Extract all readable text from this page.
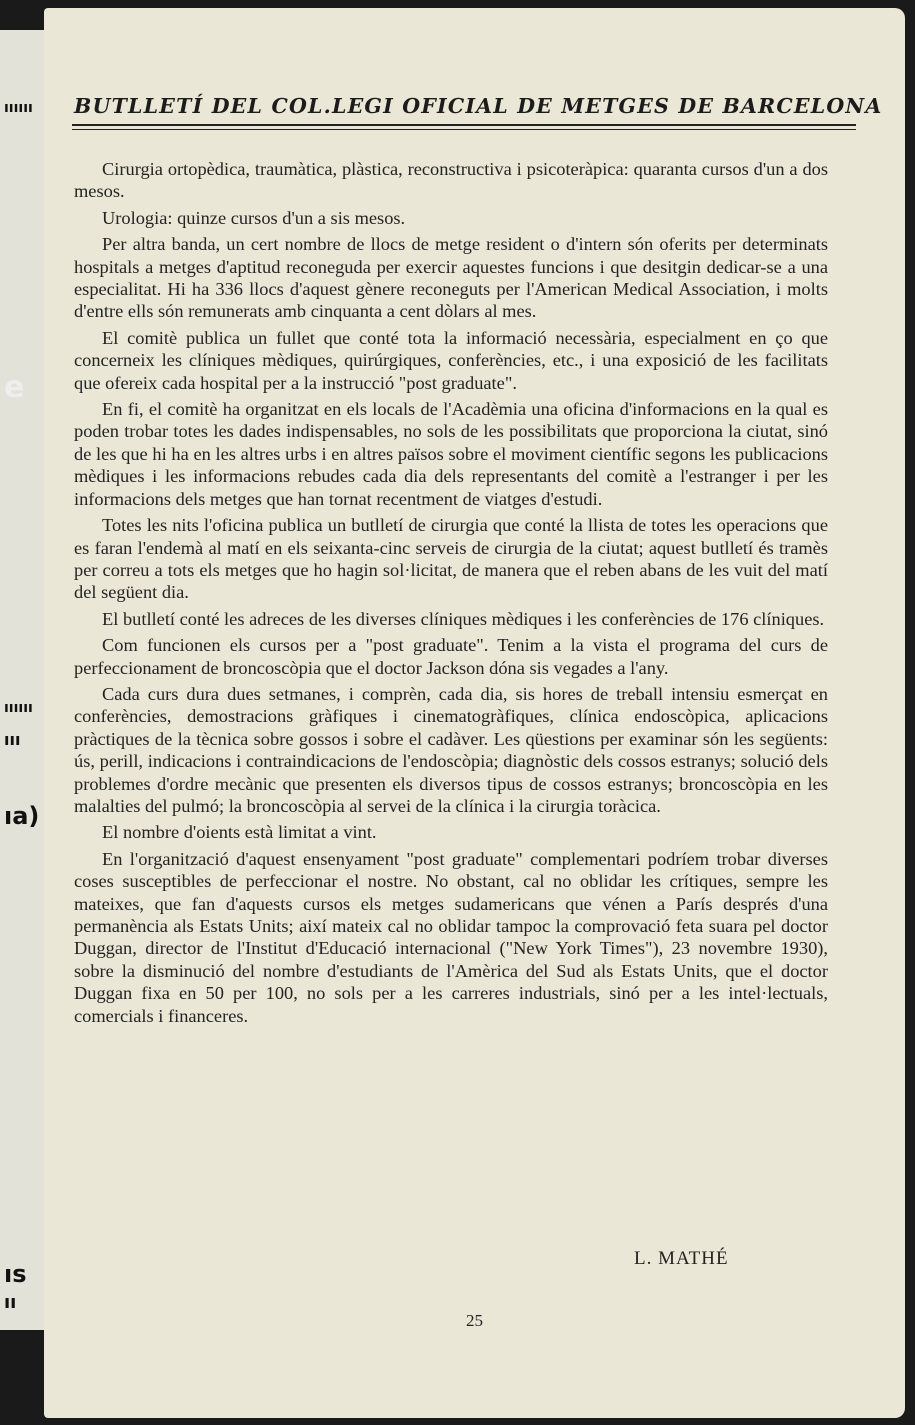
ıııııı
e
ıııııı
ııı
ıa)
ıs
ıı
BUTLLETÍ DEL COL.LEGI OFICIAL DE METGES DE BARCELONA

Cirurgia ortopèdica, traumàtica, plàstica, reconstructiva i psicoteràpica: quaranta cursos d'un a dos mesos.

Urologia: quinze cursos d'un a sis mesos.

Per altra banda, un cert nombre de llocs de metge resident o d'intern són oferits per determinats hospitals a metges d'aptitud reconeguda per exercir aquestes funcions i que desitgin dedicar-se a una especialitat. Hi ha 336 llocs d'aquest gènere reconeguts per l'American Medical Association, i molts d'entre ells són remunerats amb cinquanta a cent dòlars al mes.

El comitè publica un fullet que conté tota la informació necessària, especialment en ço que concerneix les clíniques mèdiques, quirúrgiques, conferències, etc., i una exposició de les facilitats que ofereix cada hospital per a la instrucció "post graduate".

En fi, el comitè ha organitzat en els locals de l'Acadèmia una oficina d'informacions en la qual es poden trobar totes les dades indispensables, no sols de les possibilitats que proporciona la ciutat, sinó de les que hi ha en les altres urbs i en altres països sobre el moviment científic segons les publicacions mèdiques i les informacions rebudes cada dia dels representants del comitè a l'estranger i per les informacions dels metges que han tornat recentment de viatges d'estudi.

Totes les nits l'oficina publica un butlletí de cirurgia que conté la llista de totes les operacions que es faran l'endemà al matí en els seixanta-cinc serveis de cirurgia de la ciutat; aquest butlletí és tramès per correu a tots els metges que ho hagin sol·licitat, de manera que el reben abans de les vuit del matí del següent dia.

El butlletí conté les adreces de les diverses clíniques mèdiques i les conferències de 176 clíniques.

Com funcionen els cursos per a "post graduate". Tenim a la vista el programa del curs de perfeccionament de broncoscòpia que el doctor Jackson dóna sis vegades a l'any.

Cada curs dura dues setmanes, i comprèn, cada dia, sis hores de treball intensiu esmerçat en conferències, demostracions gràfiques i cinematogràfiques, clínica endoscòpica, aplicacions pràctiques de la tècnica sobre gossos i sobre el cadàver. Les qüestions per examinar són les següents: ús, perill, indicacions i contraindicacions de l'endoscòpia; diagnòstic dels cossos estranys; solució dels problemes d'ordre mecànic que presenten els diversos tipus de cossos estranys; broncoscòpia en les malalties del pulmó; la broncoscòpia al servei de la clínica i la cirurgia toràcica.

El nombre d'oients està limitat a vint.

En l'organització d'aquest ensenyament "post graduate" complementari podríem trobar diverses coses susceptibles de perfeccionar el nostre. No obstant, cal no oblidar les crítiques, sempre les mateixes, que fan d'aquests cursos els metges sudamericans que vénen a París després d'una permanència als Estats Units; així mateix cal no oblidar tampoc la comprovació feta suara pel doctor Duggan, director de l'Institut d'Educació internacional ("New York Times"), 23 novembre 1930), sobre la disminució del nombre d'estudiants de l'Amèrica del Sud als Estats Units, que el doctor Duggan fixa en 50 per 100, no sols per a les carreres industrials, sinó per a les intel·lectuals, comercials i financeres.

L. MATHÉ
25
